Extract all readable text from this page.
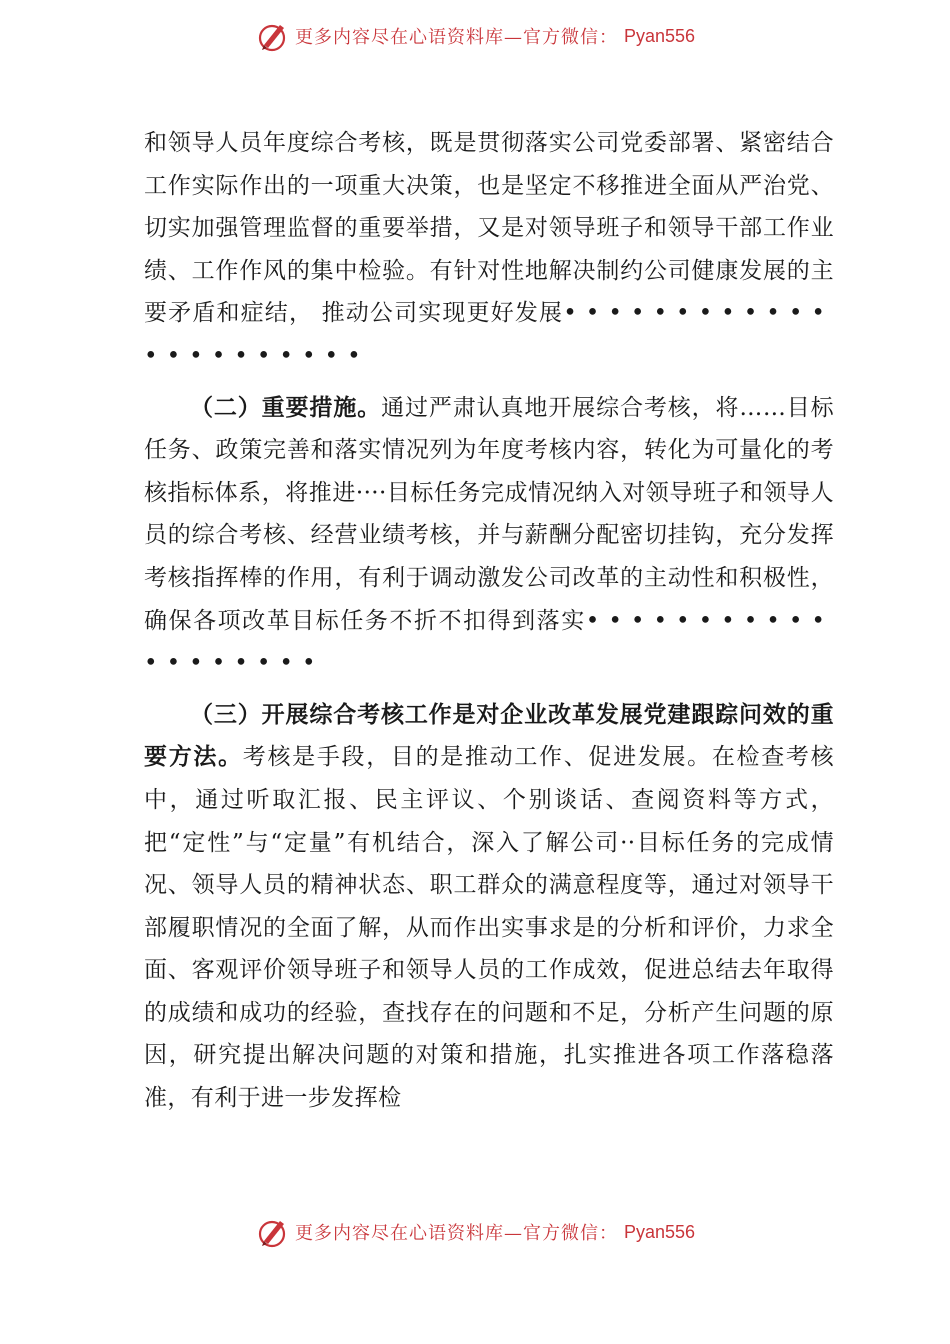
更多内容尽在心语资料库—官方微信： Pyan556

和领导人员年度综合考核，既是贯彻落实公司党委部署、紧密结合工作实际作出的一项重大决策，也是坚定不移推进全面从严治党、切实加强管理监督的重要举措，又是对领导班子和领导干部工作业绩、工作作风的集中检验。有针对性地解决制约公司健康发展的主要矛盾和症结， 推动公司实现更好发展••••••••••••••••••••••

（二）重要措施。通过严肃认真地开展综合考核，将……目标任务、政策完善和落实情况列为年度考核内容，转化为可量化的考核指标体系，将推进····目标任务完成情况纳入对领导班子和领导人员的综合考核、经营业绩考核，并与薪酬分配密切挂钩，充分发挥考核指挥棒的作用，有利于调动激发公司改革的主动性和积极性，确保各项改革目标任务不折不扣得到落实•••••••••••••••••••

（三）开展综合考核工作是对企业改革发展党建跟踪问效的重要方法。考核是手段，目的是推动工作、促进发展。在检查考核中，通过听取汇报、民主评议、个别谈话、查阅资料等方式，把“定性”与“定量”有机结合，深入了解公司··目标任务的完成情况、领导人员的精神状态、职工群众的满意程度等，通过对领导干部履职情况的全面了解，从而作出实事求是的分析和评价，力求全面、客观评价领导班子和领导人员的工作成效，促进总结去年取得的成绩和成功的经验，查找存在的问题和不足，分析产生问题的原因，研究提出解决问题的对策和措施，扎实推进各项工作落稳落准，有利于进一步发挥检

更多内容尽在心语资料库—官方微信： Pyan556
